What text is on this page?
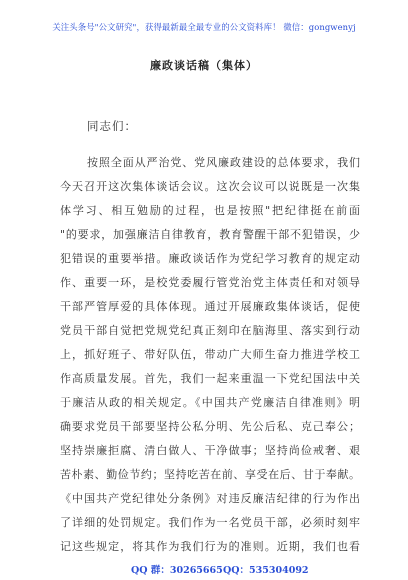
关注头条号"公文研究"，获得最新最全最专业的公文资料库！ 微信：gongwenyj
廉政谈话稿（集体）
同志们：
按照全面从严治党、党风廉政建设的总体要求，我们
今天召开这次集体谈话会议。这次会议可以说既是一次集
体学习、相互勉励的过程，也是按照"把纪律挺在前面
"的要求，加强廉洁自律教育，教育警醒干部不犯错误，少
犯错误的重要举措。廉政谈话作为党纪学习教育的规定动
作、重要一环，是校党委履行管党治党主体责任和对领导
干部严管厚爱的具体体现。通过开展廉政集体谈话，促使
党员干部自觉把党规党纪真正刻印在脑海里、落实到行动
上，抓好班子、带好队伍，带动广大师生奋力推进学校工
作高质量发展。首先，我们一起来重温一下党纪国法中关
于廉洁从政的相关规定。《中国共产党廉洁自律准则》明
确要求党员干部要坚持公私分明、先公后私、克己奉公；
坚持崇廉拒腐、清白做人、干净做事；坚持尚俭戒奢、艰
苦朴素、勤俭节约；坚持吃苦在前、享受在后、甘于奉献。
《中国共产党纪律处分条例》对违反廉洁纪律的行为作出
了详细的处罚规定。我们作为一名党员干部，必须时刻牢
记这些规定，将其作为我们行为的准则。近期，我们也看
QQ 群：30265665 QQ：535304092
